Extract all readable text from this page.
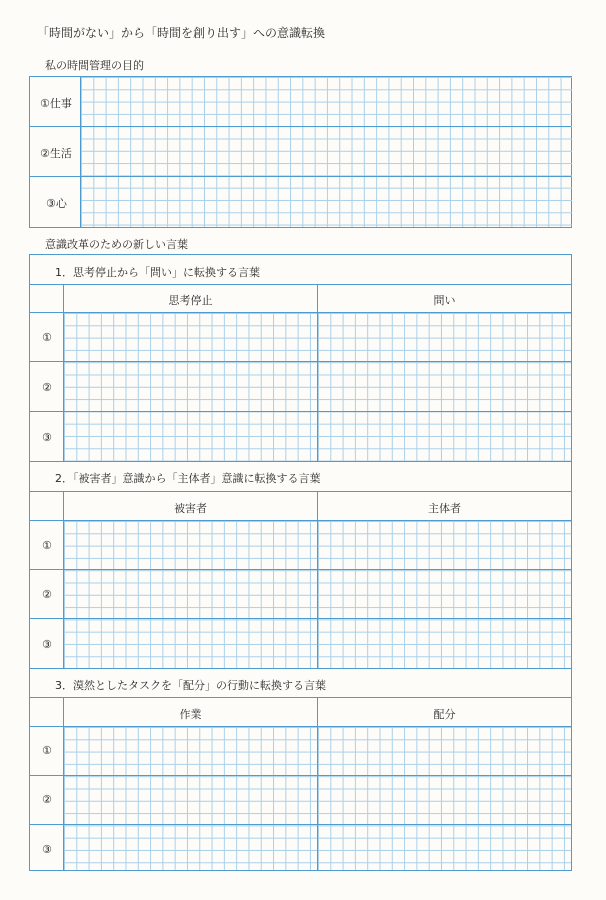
「時間がない」から「時間を創り出す」への意識転換
私の時間管理の目的
①仕事
②生活
③心
意識改革のための新しい言葉
1．思考停止から「問い」に転換する言葉
思考停止	問い
①
②
③
2．「被害者」意識から「主体者」意識に転換する言葉
被害者	主体者
①
②
③
3．漠然としたタスクを「配分」の行動に転換する言葉
作業	配分
①
②
③
